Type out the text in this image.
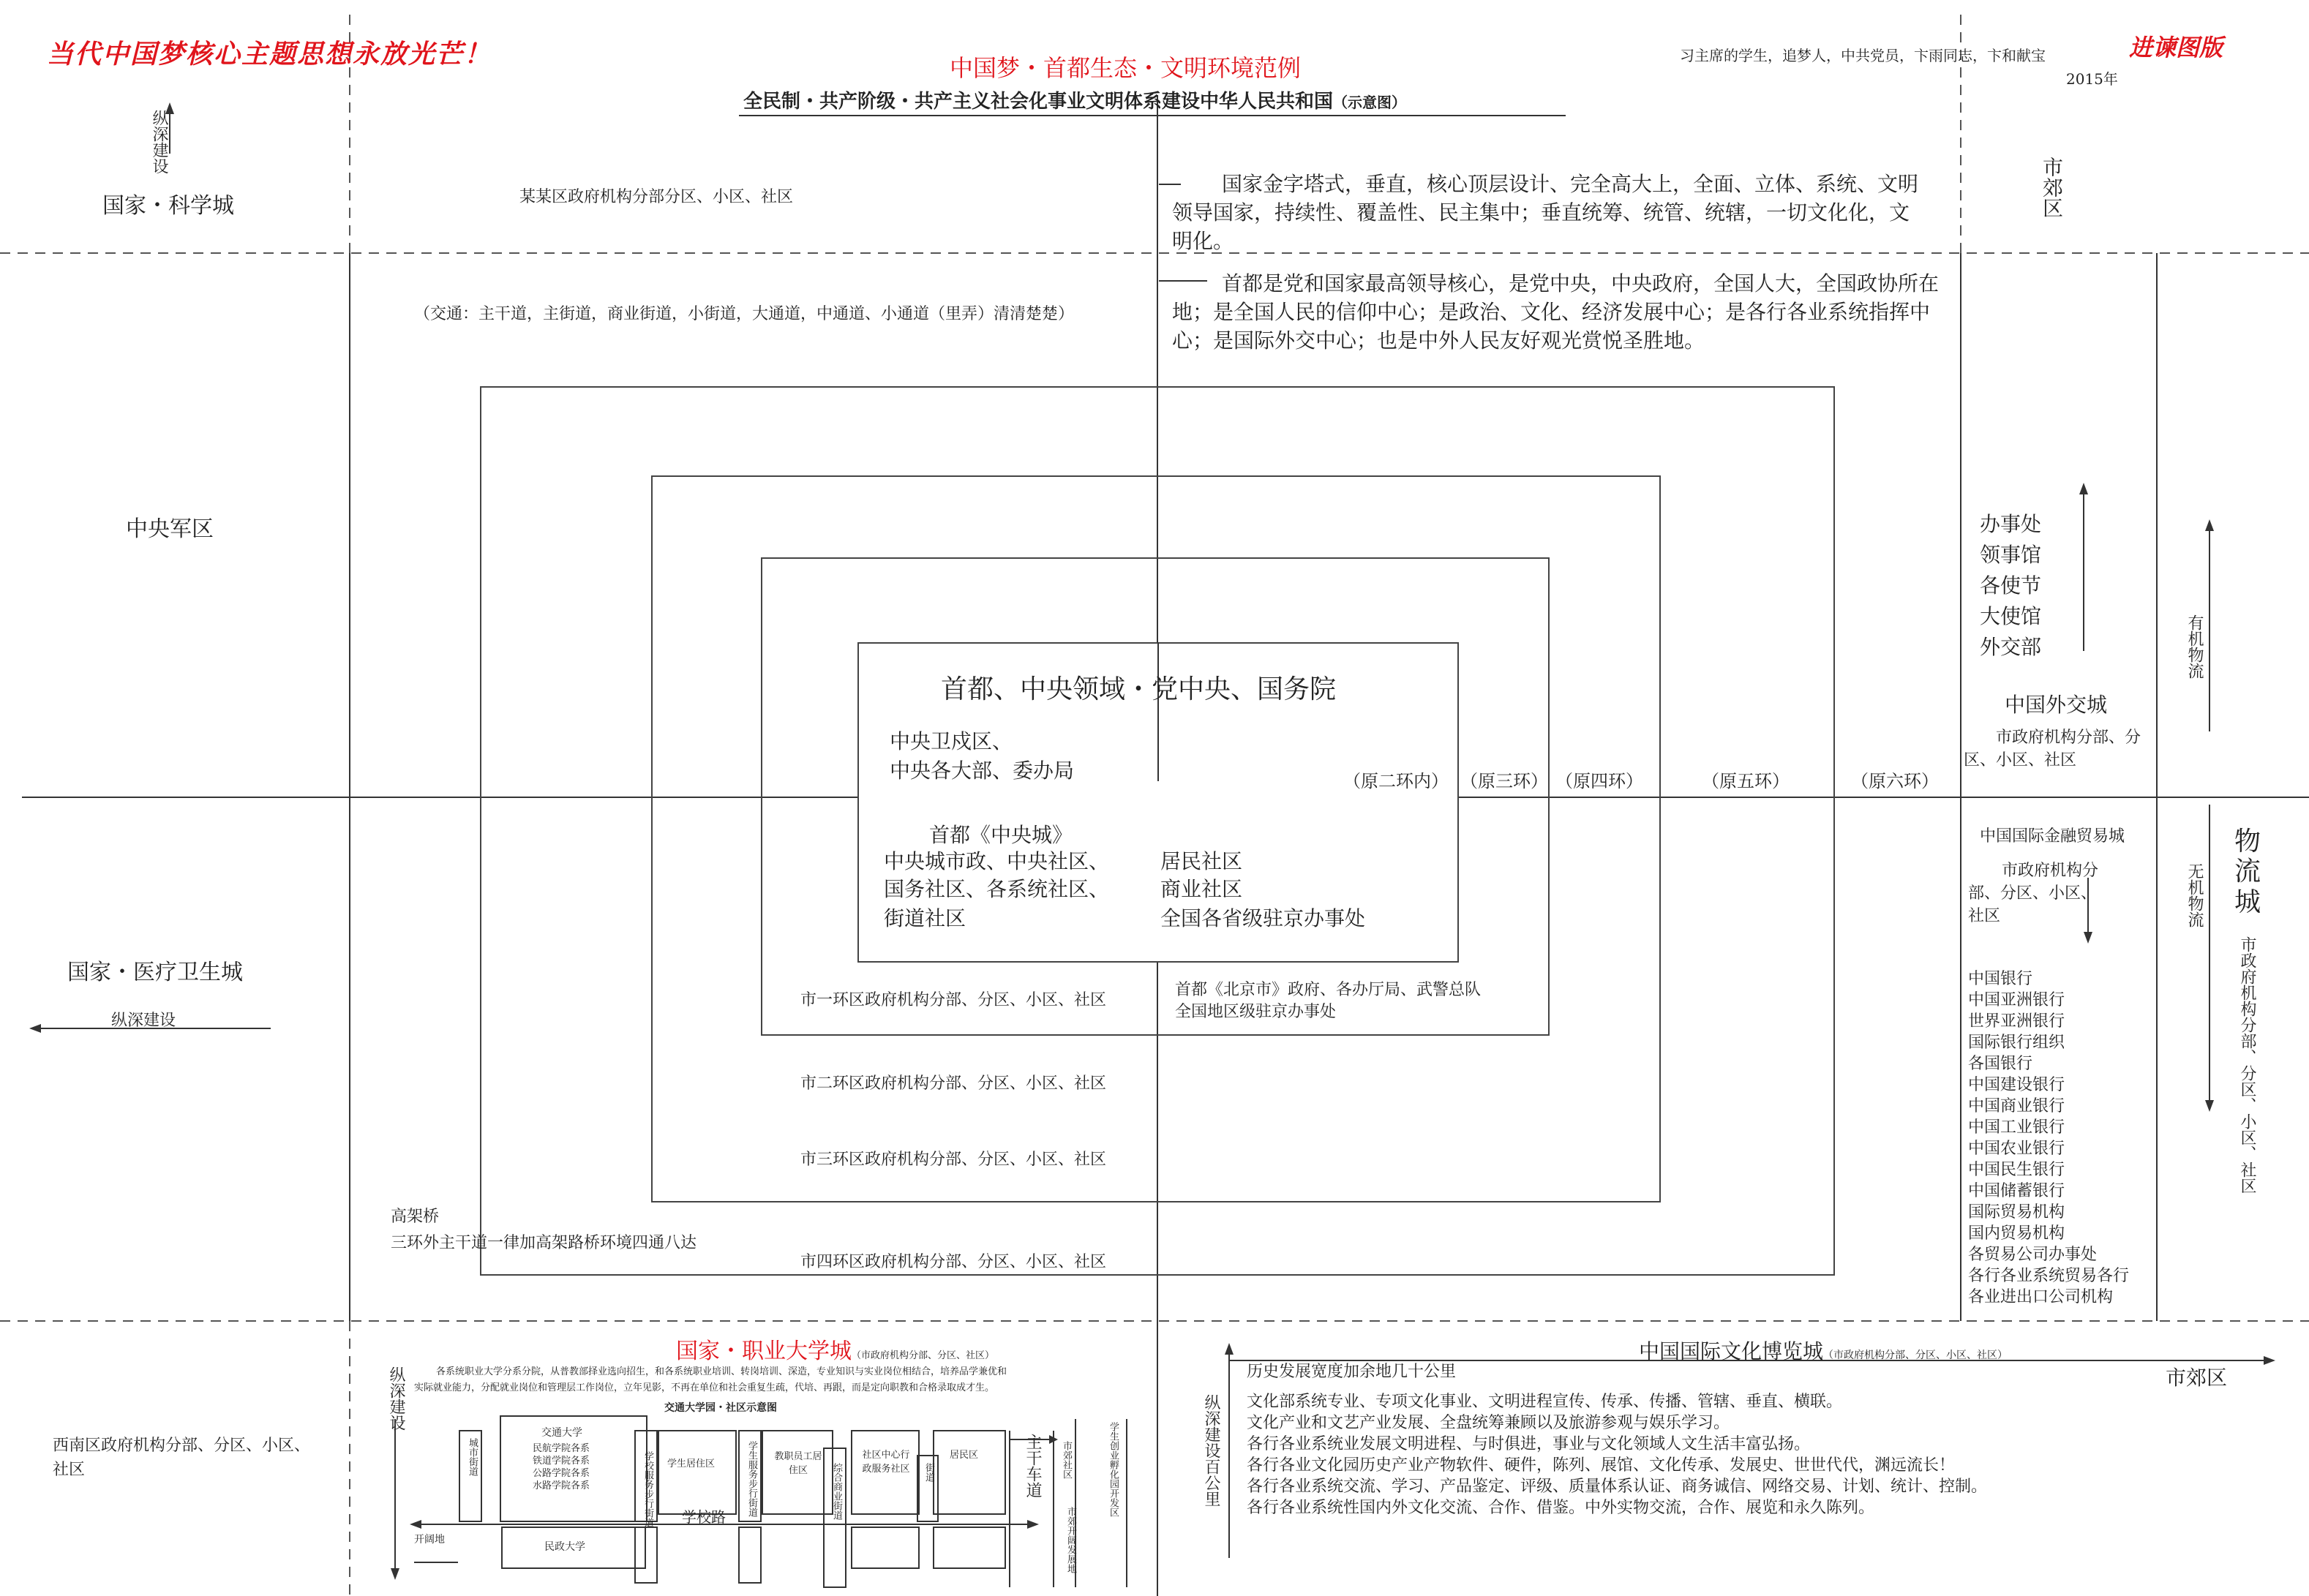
当代中国梦核心主题思想永放光芒！	中国梦・首都生态・文明环境范例
全民制・共产阶级・共产主义社会化事业文明体系建设中华人民共和国（示意图）
习主席的学生，追梦人，中共党员，卞雨同志，卞和献宝
2015年
进谏图版
纵深建设
国家・科学城	某某区政府机构分部分区、小区、社区
（交通：主干道，主街道，商业街道，小街道，大通道，中通道、小通道（里弄）清清楚楚）
国家金字塔式，垂直，核心顶层设计、完全高大上，全面、立体、系统、文明领导国家，持续性、覆盖性、民主集中；垂直统筹、统管、统辖，一切文化化，文明化。
首都是党和国家最高领导核心，是党中央，中央政府，全国人大，全国政协所在地；是全国人民的信仰中心；是政治、文化、经济发展中心；是各行各业系统指挥中心；是国际外交中心；也是中外人民友好观光赏悦圣胜地。
市郊区
中央军区
国家・医疗卫生城
纵深建设
高架桥
三环外主干道一律加高架路桥环境四通八达
首都、中央领域・党中央、国务院
中央卫戍区、
中央各大部、委办局
首都《中央城》
中央城市政、中央社区、
国务社区、各系统社区、
街道社区
居民社区
商业社区
全国各省级驻京办事处
（原二环内） （原三环） （原四环）	（原五环）	（原六环）
市一环区政府机构分部、分区、小区、社区
市二环区政府机构分部、分区、小区、社区
市三环区政府机构分部、分区、小区、社区
市四环区政府机构分部、分区、小区、社区
首都《北京市》政府、各办厅局、武警总队
全国地区级驻京办事处
办事处
领事馆
各使节
大使馆
外交部
中国外交城
市政府机构分部、分区、小区、社区
有机物流
无机物流
物流城
市政府机构分部、分区、小区、社区
中国国际金融贸易城
市政府机构分部、分区、小区、社区
中国银行
中国亚洲银行
世界亚洲银行
国际银行组织
各国银行
中国建设银行
中国商业银行
中国工业银行
中国农业银行
中国民生银行
中国储蓄银行
国际贸易机构
国内贸易机构
各贸易公司办事处
各行各业系统贸易各行
各业进出口公司机构
西南区政府机构分部、分区、小区、社区
纵深建设
国家・职业大学城（市政府机构分部、分区、社区）
各系统职业大学分系分院，从普教部择业选向招生，和各系统职业培训、转岗培训、深造，专业知识与实业岗位相结合，培养品学兼优和
实际就业能力，分配就业岗位和管理层工作岗位，立年见影，不再在单位和社会重复生疏，代培、再跟，而是定向职教和合格录取成才生。
交通大学园・社区示意图
城市街道
交通大学
民航学院各系
铁道学院各系
公路学院各系
水路学院各系	学校服务步行街道 学生居住区	学生服务步行街道 教职员工居住区	综合商业街道
社区中心行政服务社区	街道
居民区	主干车道 市郊社区
学校路
民政大学
开阔地	市郊开阔发展地
学生创业孵化园开发区
中国国际文化博览城（市政府机构分部、分区、小区、社区）
历史发展宽度加余地几十公里	市郊区
纵深建设百公里 文化部系统专业、专项文化事业、文明进程宣传、传承、传播、管辖、垂直、横联。
文化产业和文艺产业发展、全盘统筹兼顾以及旅游参观与娱乐学习。
各行各业系统业发展文明进程、与时俱进，事业与文化领域人文生活丰富弘扬。
各行各业文化园历史产业产物软件、硬件，陈列、展馆、文化传承、发展史、世世代代，渊远流长！
各行各业系统交流、学习、产品鉴定、评级、质量体系认证、商务诚信、网络交易、计划、统计、控制。
各行各业系统性国内外文化交流、合作、借鉴。中外实物交流，合作、展览和永久陈列。
